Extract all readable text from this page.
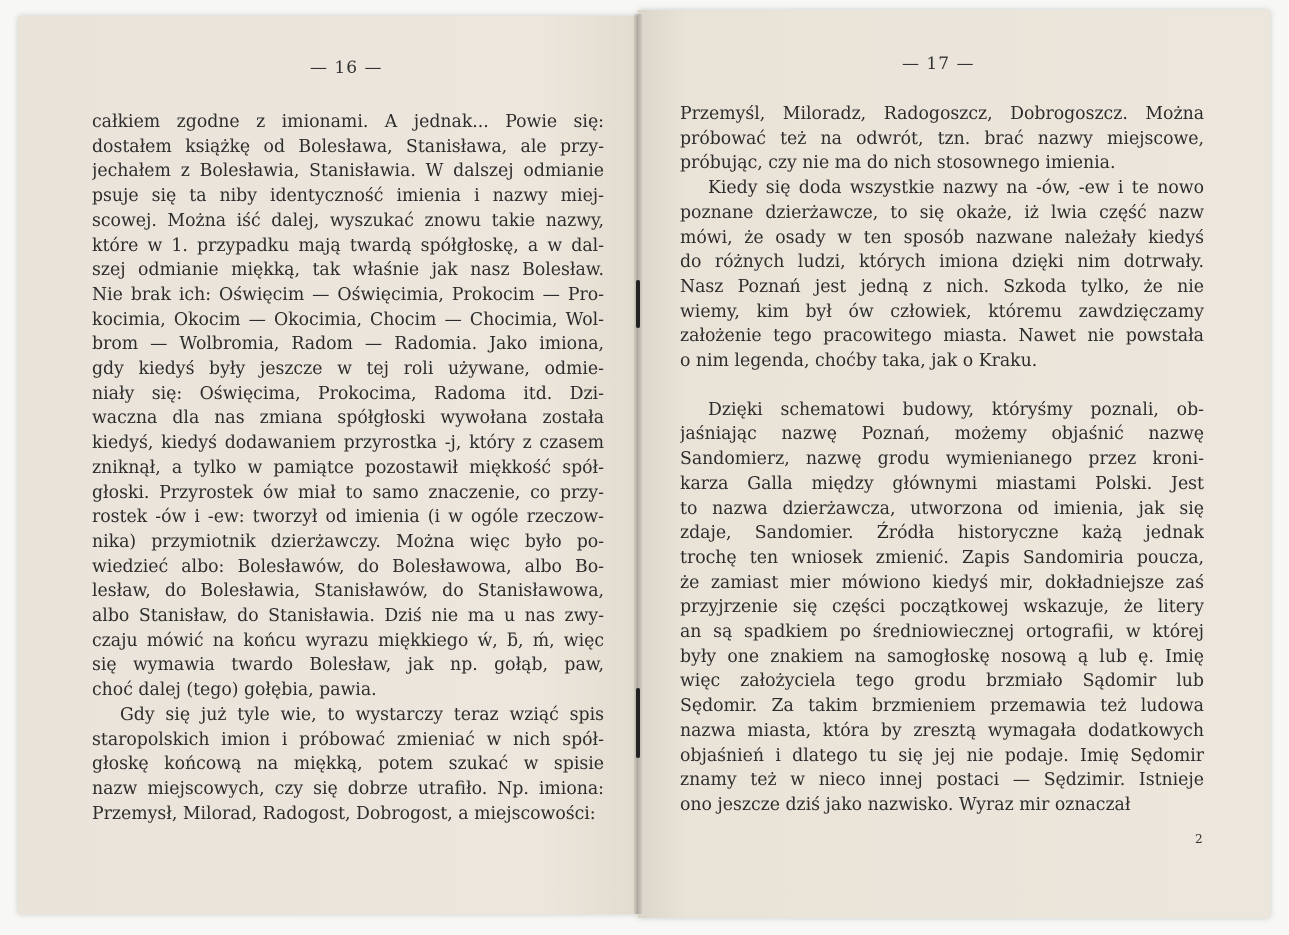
— 16 —	— 17 —
całkiem zgodne z imionami. A jednak... Powie się:
dostałem książkę od Bolesława, Stanisława, ale przy-
jechałem z Bolesławia, Stanisławia. W dalszej odmianie
psuje się ta niby identyczność imienia i nazwy miej-
scowej. Można iść dalej, wyszukać znowu takie nazwy,
które w 1. przypadku mają twardą spółgłoskę, a w dal-
szej odmianie miękką, tak właśnie jak nasz Bolesław.
Nie brak ich: Oświęcim — Oświęcimia, Prokocim — Pro-
kocimia, Okocim — Okocimia, Chocim — Chocimia, Wol-
brom — Wolbromia, Radom — Radomia. Jako imiona,
gdy kiedyś były jeszcze w tej roli używane, odmie-
niały się: Oświęcima, Prokocima, Radoma itd. Dzi-
waczna dla nas zmiana spółgłoski wywołana została
kiedyś, kiedyś dodawaniem przyrostka -j, który z czasem
zniknął, a tylko w pamiątce pozostawił miękkość spół-
głoski. Przyrostek ów miał to samo znaczenie, co przy-
rostek -ów i -ew: tworzył od imienia (i w ogóle rzeczow-
nika) przymiotnik dzierżawczy. Można więc było po-
wiedzieć albo: Bolesławów, do Bolesławowa, albo Bo-
lesław, do Bolesławia, Stanisławów, do Stanisławowa,
albo Stanisław, do Stanisławia. Dziś nie ma u nas zwy-
czaju mówić na końcu wyrazu miękkiego ẃ, ƃ, ḿ, więc
się wymawia twardo Bolesław, jak np. gołąb, paw,
choć dalej (tego) gołębia, pawia.
Gdy się już tyle wie, to wystarczy teraz wziąć spis
staropolskich imion i próbować zmieniać w nich spół-
głoskę końcową na miękką, potem szukać w spisie
nazw miejscowych, czy się dobrze utrafiło. Np. imiona:
Przemysł, Milorad, Radogost, Dobrogost, a miejscowości:
Przemyśl, Miloradz, Radogoszcz, Dobrogoszcz. Można
próbować też na odwrót, tzn. brać nazwy miejscowe,
próbując, czy nie ma do nich stosownego imienia.
Kiedy się doda wszystkie nazwy na -ów, -ew i te nowo
poznane dzierżawcze, to się okaże, iż lwia część nazw
mówi, że osady w ten sposób nazwane należały kiedyś
do różnych ludzi, których imiona dzięki nim dotrwały.
Nasz Poznań jest jedną z nich. Szkoda tylko, że nie
wiemy, kim był ów człowiek, któremu zawdzięczamy
założenie tego pracowitego miasta. Nawet nie powstała
o nim legenda, choćby taka, jak o Kraku.
Dzięki schematowi budowy, któryśmy poznali, ob-
jaśniając nazwę Poznań, możemy objaśnić nazwę
Sandomierz, nazwę grodu wymienianego przez kroni-
karza Galla między głównymi miastami Polski. Jest
to nazwa dzierżawcza, utworzona od imienia, jak się
zdaje, Sandomier. Źródła historyczne każą jednak
trochę ten wniosek zmienić. Zapis Sandomiria poucza,
że zamiast mier mówiono kiedyś mir, dokładniejsze zaś
przyjrzenie się części początkowej wskazuje, że litery
an są spadkiem po średniowiecznej ortografii, w której
były one znakiem na samogłoskę nosową ą lub ę. Imię
więc założyciela tego grodu brzmiało Sądomir lub
Sędomir. Za takim brzmieniem przemawia też ludowa
nazwa miasta, która by zresztą wymagała dodatkowych
objaśnień i dlatego tu się jej nie podaje. Imię Sędomir
znamy też w nieco innej postaci — Sędzimir. Istnieje
ono jeszcze dziś jako nazwisko. Wyraz mir oznaczał
2
